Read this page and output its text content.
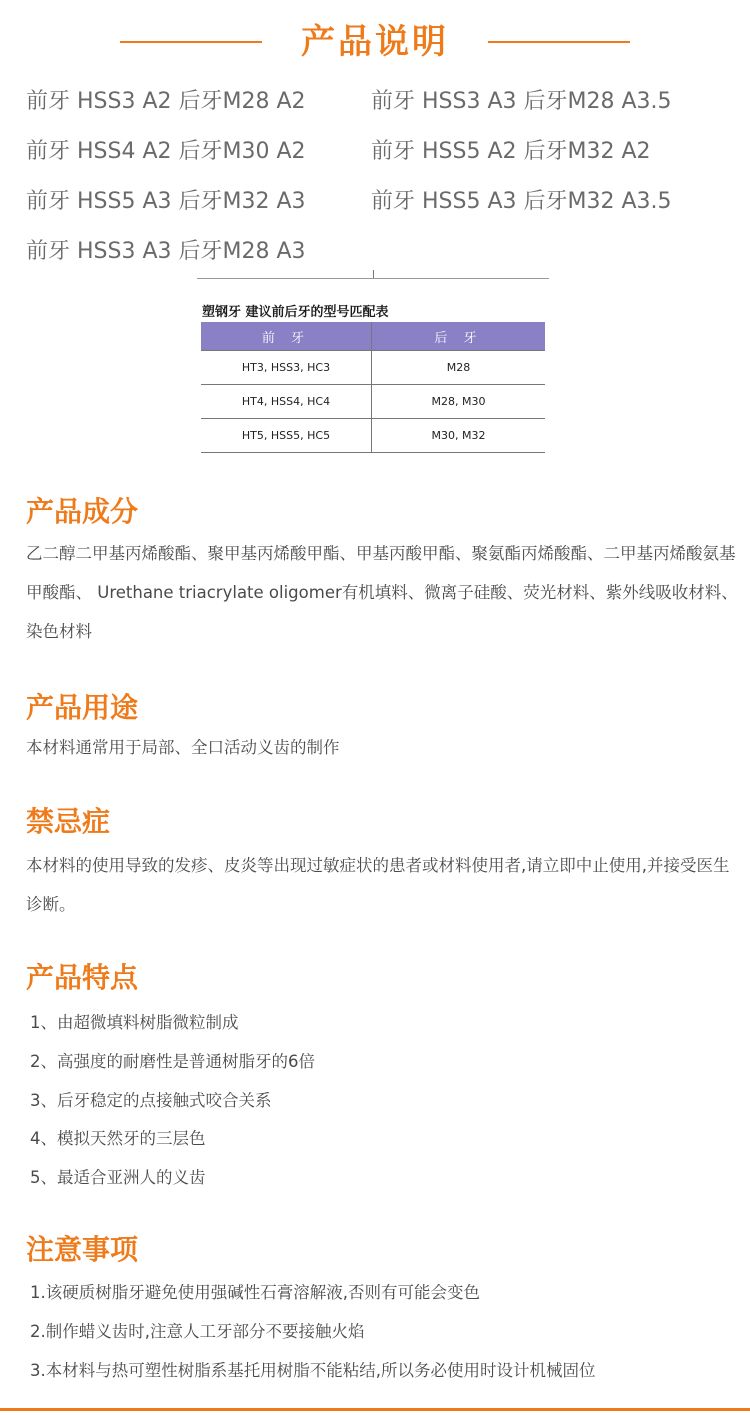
产品说明
前牙 HSS3 A2 后牙M28 A2	前牙 HSS3 A3 后牙M28 A3.5
前牙 HSS4 A2 后牙M30 A2	前牙 HSS5 A2 后牙M32 A2
前牙 HSS5 A3 后牙M32 A3	前牙 HSS5 A3 后牙M32 A3.5
前牙 HSS3 A3 后牙M28 A3
塑钢牙 建议前后牙的型号匹配表
前 牙	后 牙
HT3, HSS3, HC3	M28
HT4, HSS4, HC4	M28, M30
HT5, HSS5, HC5	M30, M32
产品成分
乙二醇二甲基丙烯酸酯、聚甲基丙烯酸甲酯、甲基丙酸甲酯、聚氨酯丙烯酸酯、二甲基丙烯酸氨基甲酸酯、 Urethane triacrylate oligomer有机填料、微离子硅酸、荧光材料、紫外线吸收材料、染色材料
产品用途
本材料通常用于局部、全口活动义齿的制作
禁忌症
本材料的使用导致的发疹、皮炎等出现过敏症状的患者或材料使用者,请立即中止使用,并接受医生诊断。
产品特点
1、由超微填料树脂微粒制成
2、高强度的耐磨性是普通树脂牙的6倍
3、后牙稳定的点接触式咬合关系
4、模拟天然牙的三层色
5、最适合亚洲人的义齿
注意事项
1.该硬质树脂牙避免使用强碱性石膏溶解液,否则有可能会变色
2.制作蜡义齿时,注意人工牙部分不要接触火焰
3.本材料与热可塑性树脂系基托用树脂不能粘结,所以务必使用时设计机械固位
